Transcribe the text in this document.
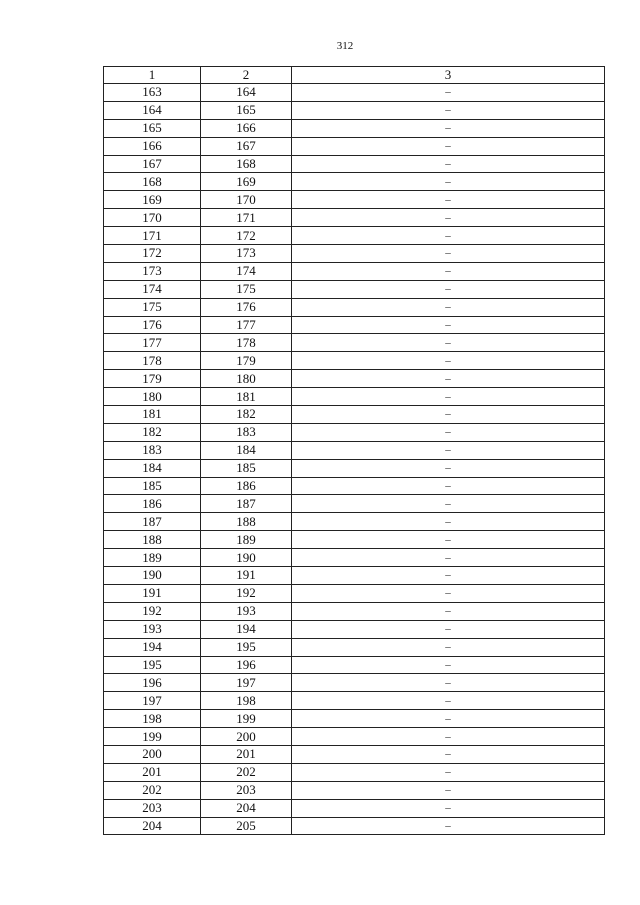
312
1	2	3
163	164	–
164	165	–
165	166	–
166	167	–
167	168	–
168	169	–
169	170	–
170	171	–
171	172	–
172	173	–
173	174	–
174	175	–
175	176	–
176	177	–
177	178	–
178	179	–
179	180	–
180	181	–
181	182	–
182	183	–
183	184	–
184	185	–
185	186	–
186	187	–
187	188	–
188	189	–
189	190	–
190	191	–
191	192	–
192	193	–
193	194	–
194	195	–
195	196	–
196	197	–
197	198	–
198	199	–
199	200	–
200	201	–
201	202	–
202	203	–
203	204	–
204	205	–
